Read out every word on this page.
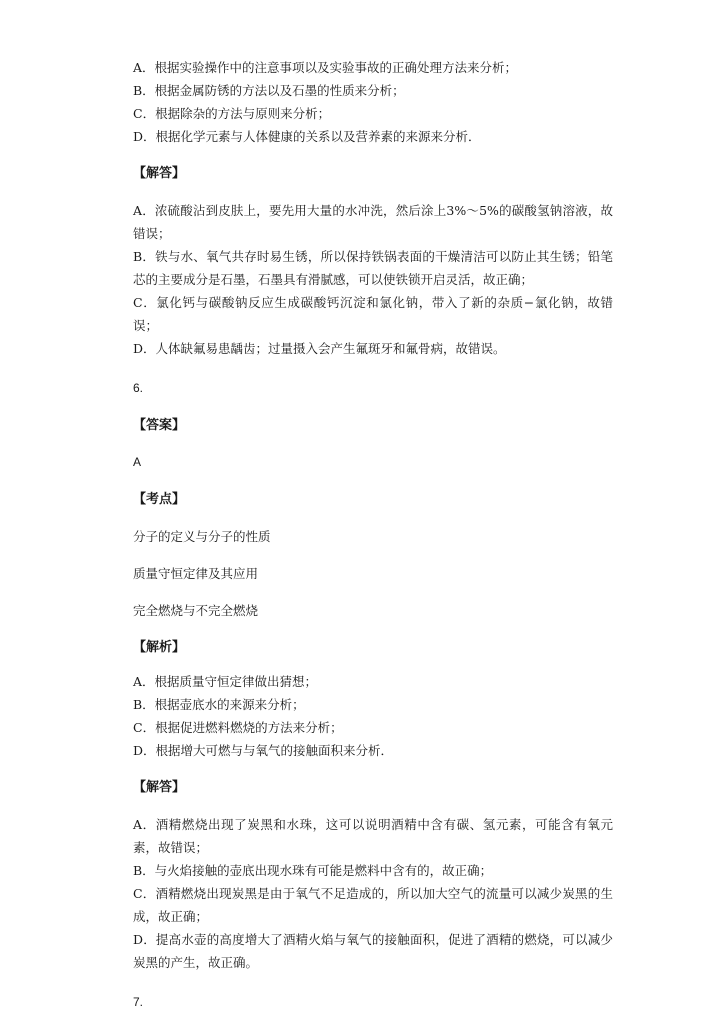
A．根据实验操作中的注意事项以及实验事故的正确处理方法来分析；

B．根据金属防锈的方法以及石墨的性质来分析；

C．根据除杂的方法与原则来分析；

D．根据化学元素与人体健康的关系以及营养素的来源来分析．

【解答】

A．浓硫酸沾到皮肤上，要先用大量的水冲洗，然后涂上3%～5%的碳酸氢钠溶液，故错误；

B．铁与水、氧气共存时易生锈，所以保持铁锅表面的干燥清洁可以防止其生锈；铅笔芯的主要成分是石墨，石墨具有滑腻感，可以使铁锁开启灵活，故正确；

C．氯化钙与碳酸钠反应生成碳酸钙沉淀和氯化钠，带入了新的杂质−氯化钠，故错误；

D．人体缺氟易患龋齿；过量摄入会产生氟斑牙和氟骨病，故错误。

6.

【答案】

A

【考点】

分子的定义与分子的性质

质量守恒定律及其应用

完全燃烧与不完全燃烧

【解析】

A．根据质量守恒定律做出猜想；

B．根据壶底水的来源来分析；

C．根据促进燃料燃烧的方法来分析；

D．根据增大可燃与与氧气的接触面积来分析．

【解答】

A．酒精燃烧出现了炭黑和水珠，这可以说明酒精中含有碳、氢元素，可能含有氧元素，故错误；

B．与火焰接触的壶底出现水珠有可能是燃料中含有的，故正确；

C．酒精燃烧出现炭黑是由于氧气不足造成的，所以加大空气的流量可以减少炭黑的生成，故正确；

D．提高水壶的高度增大了酒精火焰与氧气的接触面积，促进了酒精的燃烧，可以减少炭黑的产生，故正确。

7.
